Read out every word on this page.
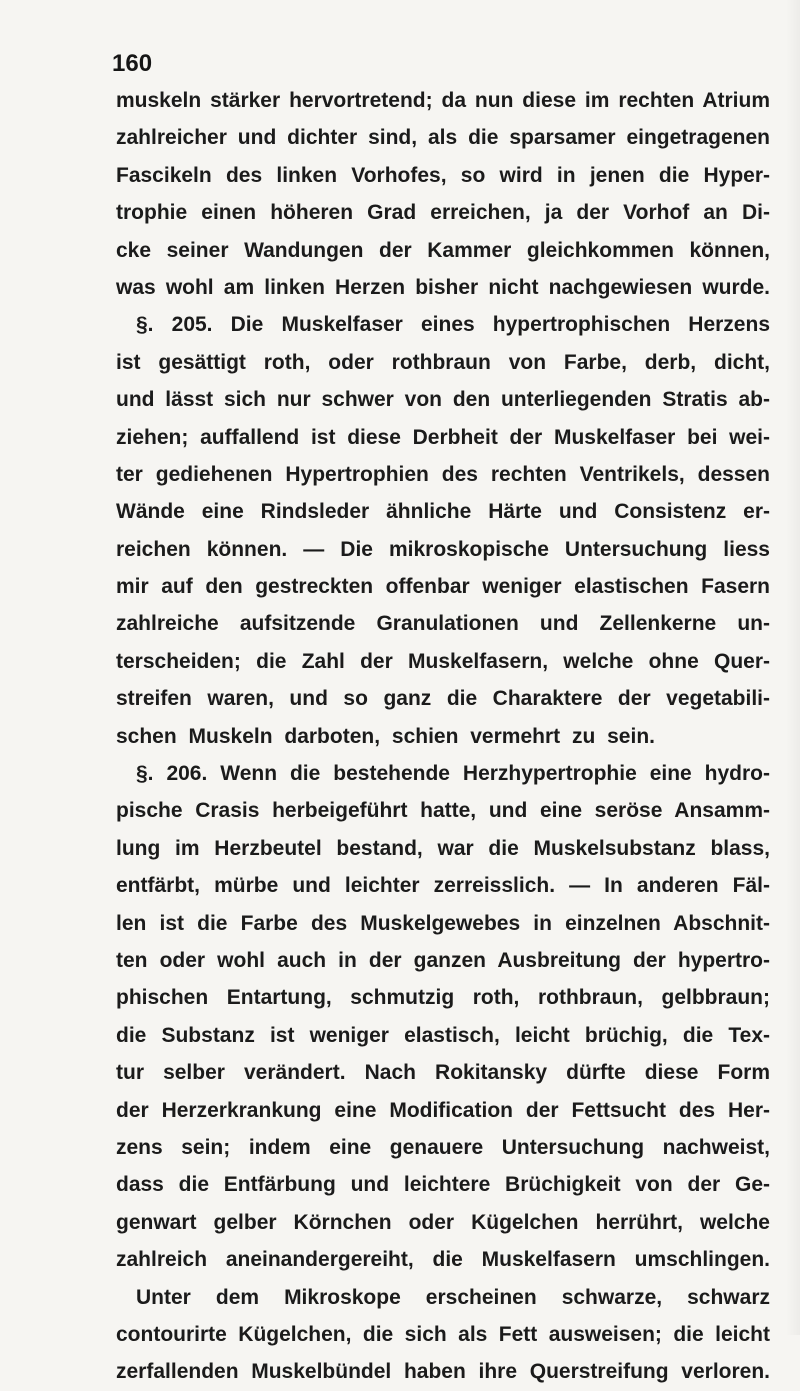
160
muskeln stärker hervortretend; da nun diese im rechten Atrium
zahlreicher und dichter sind, als die sparsamer eingetragenen
Fascikeln des linken Vorhofes, so wird in jenen die Hyper-
trophie einen höheren Grad erreichen, ja der Vorhof an Di-
cke seiner Wandungen der Kammer gleichkommen können,
was wohl am linken Herzen bisher nicht nachgewiesen wurde.
§. 205. Die Muskelfaser eines hypertrophischen Herzens
ist gesättigt roth, oder rothbraun von Farbe, derb, dicht,
und lässt sich nur schwer von den unterliegenden Stratis ab-
ziehen; auffallend ist diese Derbheit der Muskelfaser bei wei-
ter gediehenen Hypertrophien des rechten Ventrikels, dessen
Wände eine Rindsleder ähnliche Härte und Consistenz er-
reichen können. — Die mikroskopische Untersuchung liess
mir auf den gestreckten offenbar weniger elastischen Fasern
zahlreiche aufsitzende Granulationen und Zellenkerne un-
terscheiden; die Zahl der Muskelfasern, welche ohne Quer-
streifen waren, und so ganz die Charaktere der vegetabili-
schen Muskeln darboten, schien vermehrt zu sein.
§. 206. Wenn die bestehende Herzhypertrophie eine hydro-
pische Crasis herbeigeführt hatte, und eine seröse Ansamm-
lung im Herzbeutel bestand, war die Muskelsubstanz blass,
entfärbt, mürbe und leichter zerreisslich. — In anderen Fäl-
len ist die Farbe des Muskelgewebes in einzelnen Abschnit-
ten oder wohl auch in der ganzen Ausbreitung der hypertro-
phischen Entartung, schmutzig roth, rothbraun, gelbbraun;
die Substanz ist weniger elastisch, leicht brüchig, die Tex-
tur selber verändert. Nach Rokitansky dürfte diese Form
der Herzerkrankung eine Modification der Fettsucht des Her-
zens sein; indem eine genauere Untersuchung nachweist,
dass die Entfärbung und leichtere Brüchigkeit von der Ge-
genwart gelber Körnchen oder Kügelchen herrührt, welche
zahlreich aneinandergereiht, die Muskelfasern umschlingen.
Unter dem Mikroskope erscheinen schwarze, schwarz
contourirte Kügelchen, die sich als Fett ausweisen; die leicht
zerfallenden Muskelbündel haben ihre Querstreifung verloren.
